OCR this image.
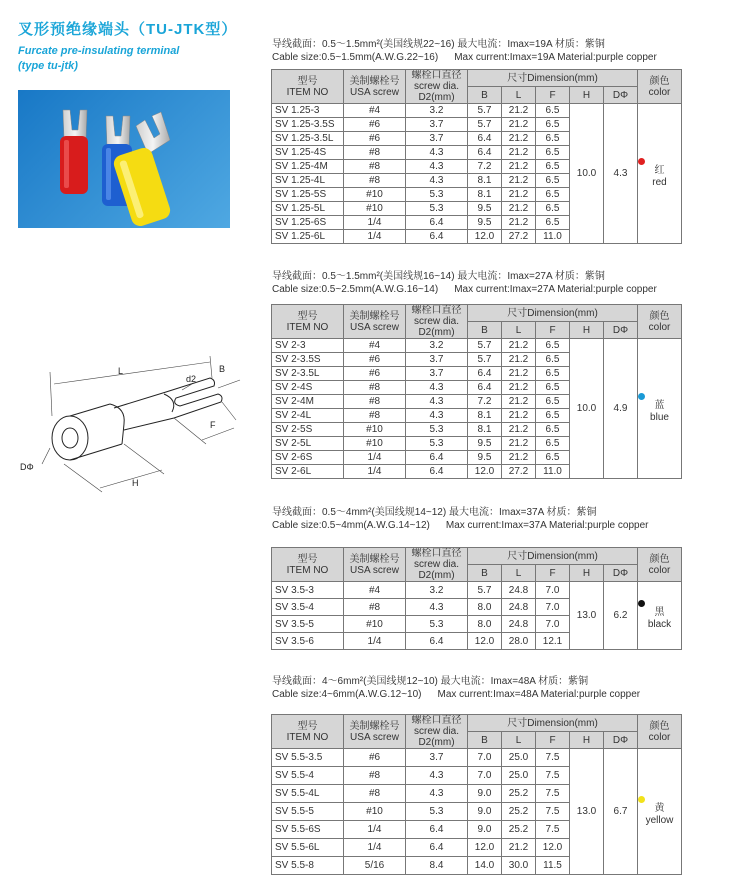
叉形预绝缘端头（TU-JTK型）
Furcate pre-insulating terminal
(type tu-jtk)
L	B
d2
F
H
DΦ
导线截面：0.5～1.5mm²(美国线规22~16) 最大电流：Imax=19A 材质：紫铜
Cable size:0.5~1.5mm(A.W.G.22~16) Max current:Imax=19A Material:purple copper
型号
ITEM NO	美制螺栓号
USA screw	螺栓口直径
screw dia.
D2(mm)	尺寸Dimension(mm)					颜色
color

			B	L	F	H	DΦ	
SV 1.25-3	#4	3.2	5.7	21.2	6.5	10.0	4.3	红
red

SV 1.25-3.5S	#6	3.7	5.7	21.2	6.5			
SV 1.25-3.5L	#6	3.7	6.4	21.2	6.5			
SV 1.25-4S	#8	4.3	6.4	21.2	6.5			
SV 1.25-4M	#8	4.3	7.2	21.2	6.5			
SV 1.25-4L	#8	4.3	8.1	21.2	6.5			
SV 1.25-5S	#10	5.3	8.1	21.2	6.5			
SV 1.25-5L	#10	5.3	9.5	21.2	6.5			
SV 1.25-6S	1/4	6.4	9.5	21.2	6.5			
SV 1.25-6L	1/4	6.4	12.0	27.2	11.0			
导线截面：0.5～1.5mm²(美国线规16~14) 最大电流：Imax=27A 材质：紫铜
Cable size:0.5~2.5mm(A.W.G.16~14) Max current:Imax=27A Material:purple copper
型号
ITEM NO	美制螺栓号
USA screw	螺栓口直径
screw dia.
D2(mm)	尺寸Dimension(mm)					颜色
color

			B	L	F	H	DΦ	
SV 2-3	#4	3.2	5.7	21.2	6.5	10.0	4.9	蓝
blue

SV 2-3.5S	#6	3.7	5.7	21.2	6.5			
SV 2-3.5L	#6	3.7	6.4	21.2	6.5			
SV 2-4S	#8	4.3	6.4	21.2	6.5			
SV 2-4M	#8	4.3	7.2	21.2	6.5			
SV 2-4L	#8	4.3	8.1	21.2	6.5			
SV 2-5S	#10	5.3	8.1	21.2	6.5			
SV 2-5L	#10	5.3	9.5	21.2	6.5			
SV 2-6S	1/4	6.4	9.5	21.2	6.5			
SV 2-6L	1/4	6.4	12.0	27.2	11.0			
导线截面：0.5～4mm²(美国线规14~12) 最大电流：Imax=37A 材质：紫铜
Cable size:0.5~4mm(A.W.G.14~12) Max current:Imax=37A Material:purple copper
型号
ITEM NO	美制螺栓号
USA screw	螺栓口直径
screw dia.
D2(mm)	尺寸Dimension(mm)					颜色
color

			B	L	F	H	DΦ	
SV 3.5-3	#4	3.2	5.7	24.8	7.0	13.0	6.2	黑
black

SV 3.5-4	#8	4.3	8.0	24.8	7.0			
SV 3.5-5	#10	5.3	8.0	24.8	7.0			
SV 3.5-6	1/4	6.4	12.0	28.0	12.1			
导线截面：4～6mm²(美国线规12~10) 最大电流：Imax=48A 材质：紫铜
Cable size:4~6mm(A.W.G.12~10) Max current:Imax=48A Material:purple copper
型号
ITEM NO	美制螺栓号
USA screw	螺栓口直径
screw dia.
D2(mm)	尺寸Dimension(mm)					颜色
color

			B	L	F	H	DΦ	
SV 5.5-3.5	#6	3.7	7.0	25.0	7.5	13.0	6.7	黄
yellow

SV 5.5-4	#8	4.3	7.0	25.0	7.5			
SV 5.5-4L	#8	4.3	9.0	25.2	7.5			
SV 5.5-5	#10	5.3	9.0	25.2	7.5			
SV 5.5-6S	1/4	6.4	9.0	25.2	7.5			
SV 5.5-6L	1/4	6.4	12.0	21.2	12.0			
SV 5.5-8	5/16	8.4	14.0	30.0	11.5			
